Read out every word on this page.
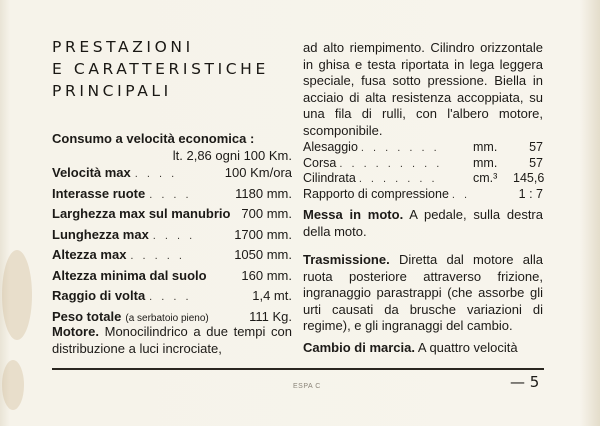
PRESTAZIONI
E CARATTERISTICHE
PRINCIPALI
Consumo a velocità economica :
lt. 2,86 ogni 100 Km.
Velocità max . . . .	100 Km/ora
Interasse ruote . . . .	1180 mm.
Larghezza max sul manubrio 700 mm.
Lunghezza max . . . .	1700 mm.
Altezza max . . . . .	1050 mm.
Altezza minima dal suolo	160 mm.
Raggio di volta . . . .	1,4 mt.
Peso totale (a serbatoio pieno)	111 Kg.
Motore. Monocilindrico a due tempi con distribuzione a luci incrociate,
ad alto riempimento. Cilindro orizzontale in ghisa e testa riportata in lega leggera speciale, fusa sotto pressione. Biella in acciaio di alta resistenza accoppiata, su una fila di rulli, con l'albero motore, scomponibile.
Alesaggio . . . . . . .	mm.	57
Corsa . . . . . . . . .	mm.	57
Cilindrata . . . . . . .	cm.³	145,6
Rapporto di compressione . .	1 : 7
Messa in moto. A pedale, sulla destra della moto.
Trasmissione. Diretta dal motore alla ruota posteriore attraverso frizione, ingranaggio parastrappi (che assorbe gli urti causati da brusche variazioni di regime), e gli ingranaggi del cambio.
Cambio di marcia. A quattro velocità
ESPA C	— 5
